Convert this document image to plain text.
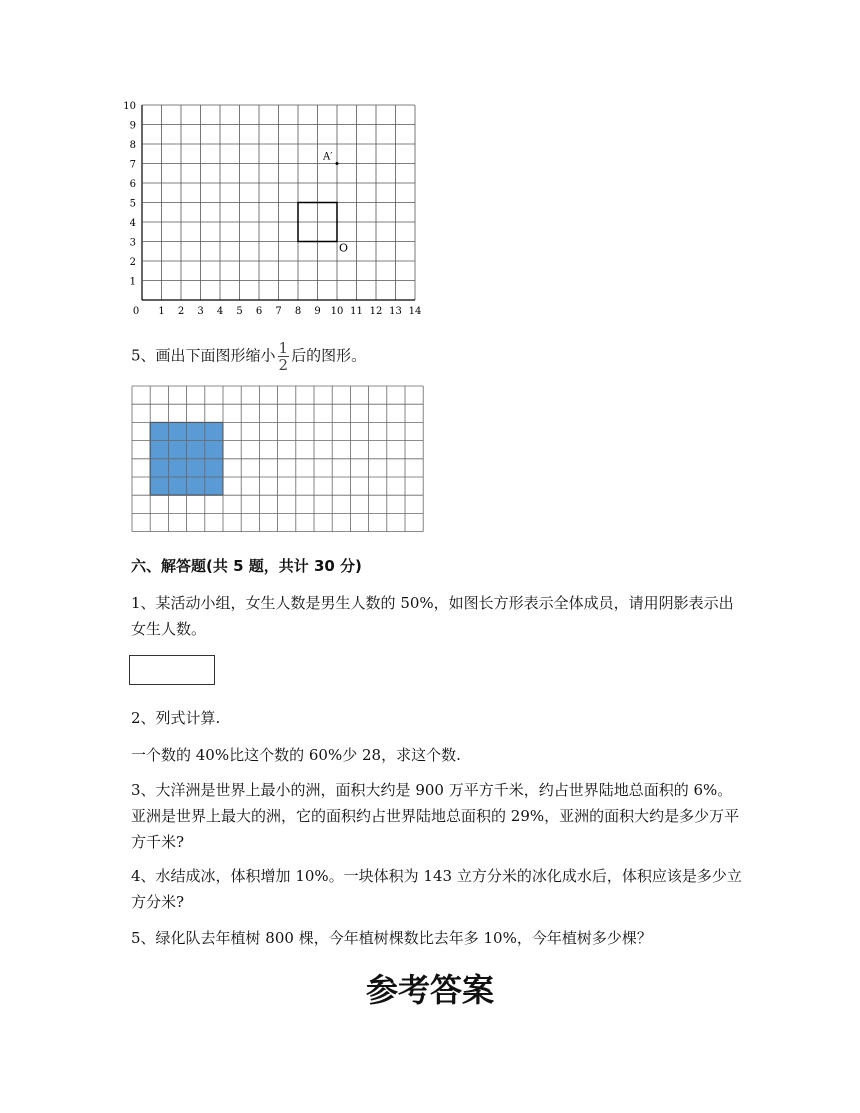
0 1 2 3 4 5 6 7 8 9 10 11 12 13 14
1
2
3
4
5
6
7
8
9
10
A′
O
5、画出下面图形缩小 $\frac{1}{2}$ 后的图形。
六、解答题(共 5 题，共计 30 分)
1、某活动小组，女生人数是男生人数的 50%，如图长方形表示全体成员，请用阴影表示出女生人数。
2、列式计算.
一个数的 40%比这个数的 60%少 28，求这个数.
3、大洋洲是世界上最小的洲，面积大约是 900 万平方千米，约占世界陆地总面积的 6%。亚洲是世界上最大的洲，它的面积约占世界陆地总面积的 29%，亚洲的面积大约是多少万平方千米?
4、水结成冰，体积增加 10%。一块体积为 143 立方分米的冰化成水后，体积应该是多少立方分米?
5、绿化队去年植树 800 棵，今年植树棵数比去年多 10%，今年植树多少棵？
参考答案
